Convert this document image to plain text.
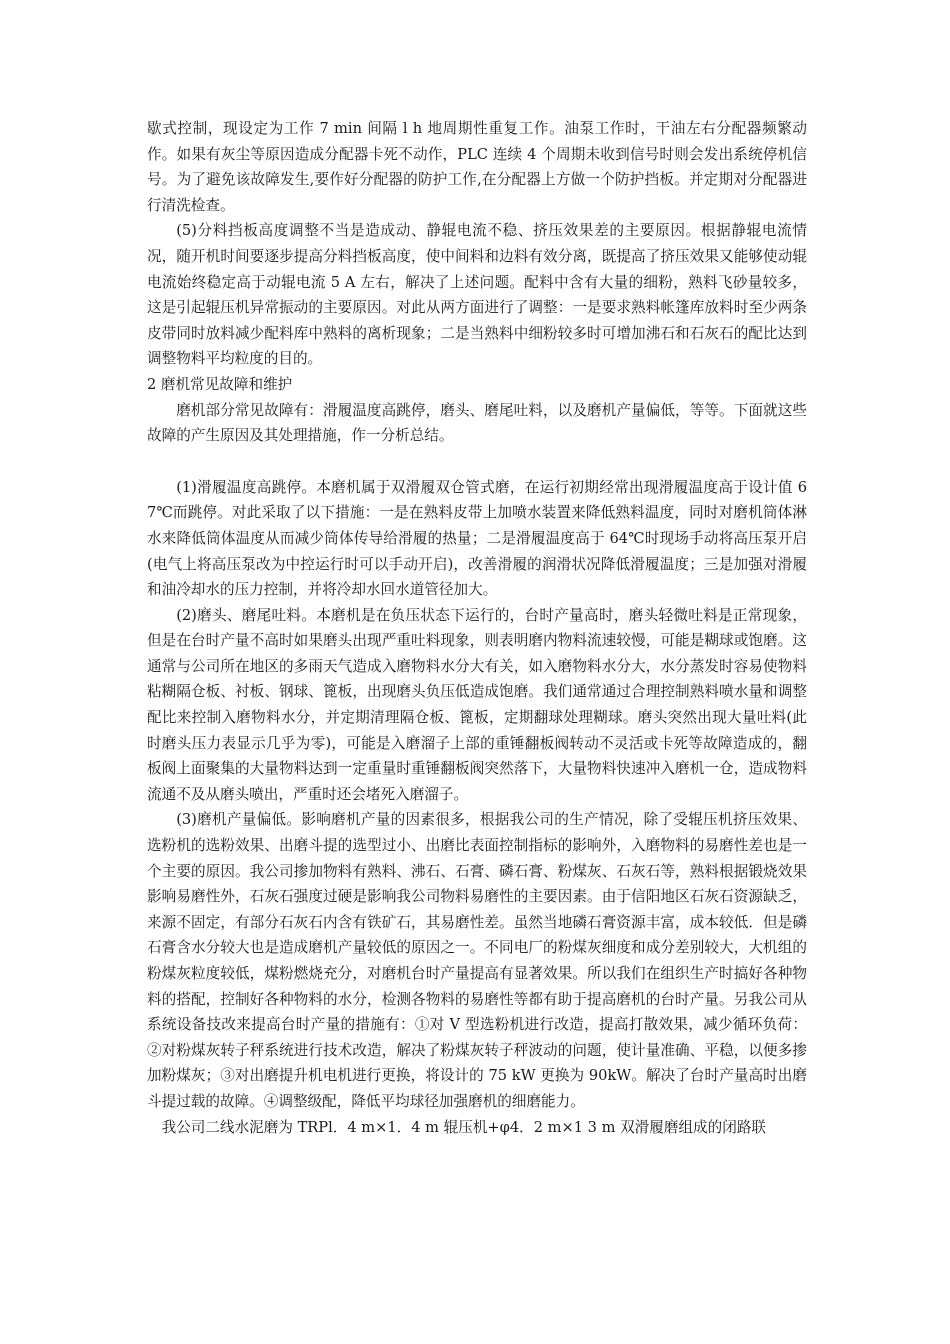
歇式控制，现设定为工作 7 min 间隔 l h 地周期性重复工作。油泵工作时，干油左右分配器频繁动作。如果有灰尘等原因造成分配器卡死不动作，PLC 连续 4 个周期未收到信号时则会发出系统停机信号。为了避免该故障发生,要作好分配器的防护工作,在分配器上方做一个防护挡板。并定期对分配器进行清洗检查。

(5)分料挡板高度调整不当是造成动、静辊电流不稳、挤压效果差的主要原因。根据静辊电流情况，随开机时间要逐步提高分料挡板高度，使中间料和边料有效分离，既提高了挤压效果又能够使动辊电流始终稳定高于动辊电流 5 A 左右，解决了上述问题。配料中含有大量的细粉，熟料飞砂量较多，这是引起辊压机异常振动的主要原因。对此从两方面进行了调整：一是要求熟料帐篷库放料时至少两条皮带同时放料减少配料库中熟料的离析现象；二是当熟料中细粉较多时可增加沸石和石灰石的配比达到调整物料平均粒度的目的。

2 磨机常见故障和维护

磨机部分常见故障有：滑履温度高跳停，磨头、磨尾吐料，以及磨机产量偏低，等等。下面就这些故障的产生原因及其处理措施，作一分析总结。

(1)滑履温度高跳停。本磨机属于双滑履双仓管式磨，在运行初期经常出现滑履温度高于设计值 67℃而跳停。对此采取了以下措施：一是在熟料皮带上加喷水装置来降低熟料温度，同时对磨机筒体淋水来降低筒体温度从而减少筒体传导给滑履的热量；二是滑履温度高于 64℃时现场手动将高压泵开启(电气上将高压泵改为中控运行时可以手动开启)，改善滑履的润滑状况降低滑履温度；三是加强对滑履和油冷却水的压力控制，并将冷却水回水道管径加大。

(2)磨头、磨尾吐料。本磨机是在负压状态下运行的，台时产量高时，磨头轻微吐料是正常现象，但是在台时产量不高时如果磨头出现严重吐料现象，则表明磨内物料流速较慢，可能是糊球或饱磨。这通常与公司所在地区的多雨天气造成入磨物料水分大有关，如入磨物料水分大，水分蒸发时容易使物料粘糊隔仓板、衬板、钢球、篦板，出现磨头负压低造成饱磨。我们通常通过合理控制熟料喷水量和调整配比来控制入磨物料水分，并定期清理隔仓板、篦板，定期翻球处理糊球。磨头突然出现大量吐料(此时磨头压力表显示几乎为零)，可能是入磨溜子上部的重锤翻板阀转动不灵活或卡死等故障造成的，翻板阀上面聚集的大量物料达到一定重量时重锤翻板阀突然落下，大量物料快速冲入磨机一仓，造成物料流通不及从磨头喷出，严重时还会堵死入磨溜子。

(3)磨机产量偏低。影响磨机产量的因素很多，根据我公司的生产情况，除了受辊压机挤压效果、选粉机的选粉效果、出磨斗提的选型过小、出磨比表面控制指标的影响外，入磨物料的易磨性差也是一个主要的原因。我公司掺加物料有熟料、沸石、石膏、磷石膏、粉煤灰、石灰石等，熟料根据锻烧效果影响易磨性外，石灰石强度过硬是影响我公司物料易磨性的主要因素。由于信阳地区石灰石资源缺乏，来源不固定，有部分石灰石内含有铁矿石，其易磨性差。虽然当地磷石膏资源丰富，成本较低．但是磷石膏含水分较大也是造成磨机产量较低的原因之一。不同电厂的粉煤灰细度和成分差别较大，大机组的粉煤灰粒度较低，煤粉燃烧充分，对磨机台时产量提高有显著效果。所以我们在组织生产时搞好各种物料的搭配，控制好各种物料的水分，检测各物料的易磨性等都有助于提高磨机的台时产量。另我公司从系统设备技改来提高台时产量的措施有：①对 V 型选粉机进行改造，提高打散效果，减少循环负荷：②对粉煤灰转子秤系统进行技术改造，解决了粉煤灰转子秤波动的问题，使计量准确、平稳，以便多掺加粉煤灰；③对出磨提升机电机进行更换，将设计的 75 kW 更换为 90kW。解决了台时产量高时出磨斗提过载的故障。④调整级配，降低平均球径加强磨机的细磨能力。

我公司二线水泥磨为 TRPl．4 m×1．4 m 辊压机+φ4．2 m×1 3 m 双滑履磨组成的闭路联
